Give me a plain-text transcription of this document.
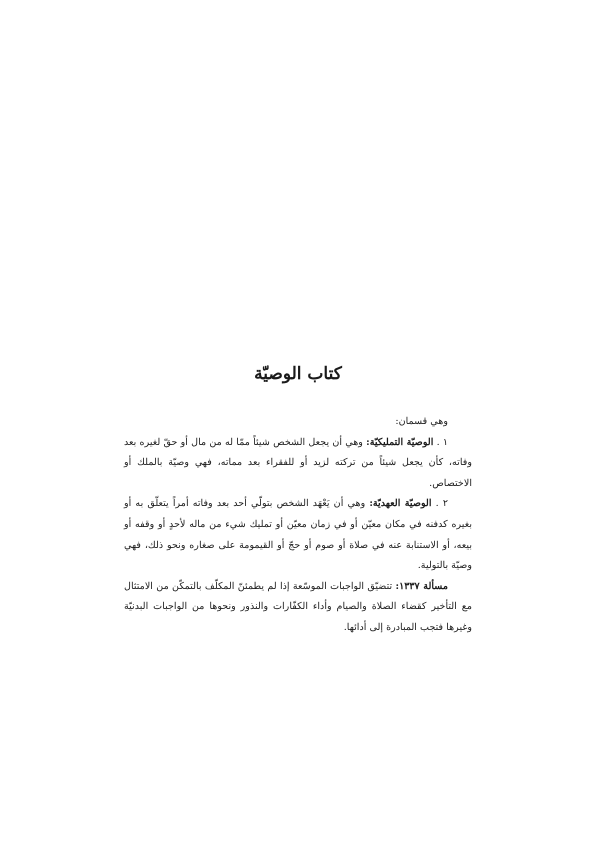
كتاب الوصيّة

وهي قسمان:

١ . الوصيّة التمليكيّة: وهي أن يجعل الشخص شيئاً ممّا له من مال أو حقّ لغيره بعد وفاته، كأن يجعل شيئاً من تركته لزيد أو للفقراء بعد مماته، فهي وصيّة بالملك أو الاختصاص.

٢ . الوصيّة العهديّة: وهي أن يَعْهَد الشخص بتولّي أحد بعد وفاته أمراً يتعلّق به أو بغيره كدفنه في مكان معيّن أو في زمان معيّن أو تمليك شيء من ماله لأحدٍ أو وقفه أو بيعه، أو الاستنابة عنه في صلاة أو صوم أو حجّ أو القيمومة على صغاره ونحو ذلك، فهي وصيّة بالتولية.

مسألة ١٣٣٧: تتضيّق الواجبات الموسّعة إذا لم يطمئنّ المكلّف بالتمكّن من الامتثال مع التأخير كقضاء الصلاة والصيام وأداء الكفّارات والنذور ونحوها من الواجبات البدنيّة وغيرها فتجب المبادرة إلى أدائها.
